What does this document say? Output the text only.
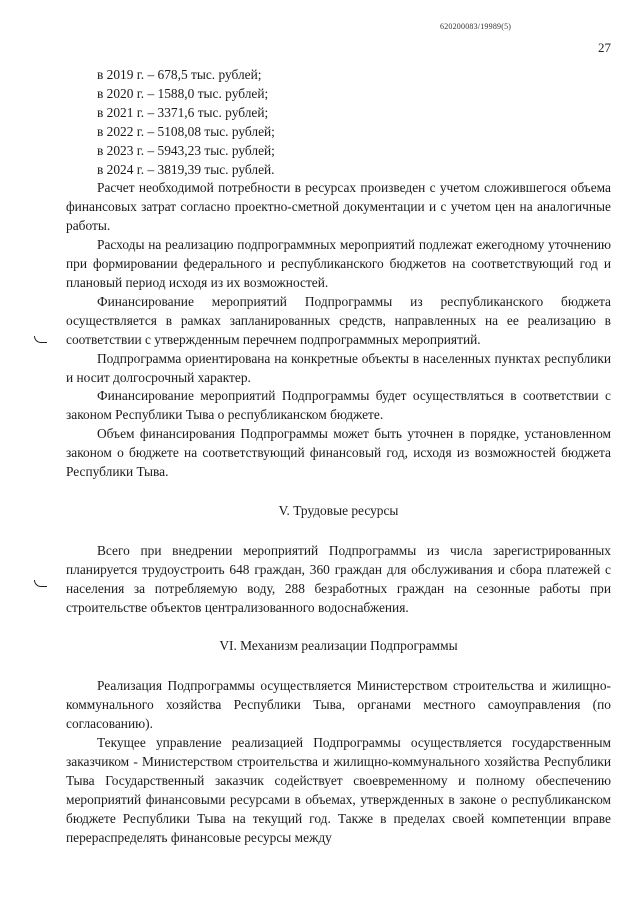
620200083/19989(5)
27
в 2019 г. – 678,5 тыс. рублей;
в 2020 г. – 1588,0 тыс. рублей;
в 2021 г. – 3371,6 тыс. рублей;
в 2022 г. – 5108,08 тыс. рублей;
в 2023 г. – 5943,23 тыс. рублей;
в 2024 г. – 3819,39 тыс. рублей.

Расчет необходимой потребности в ресурсах произведен с учетом сложившегося объема финансовых затрат согласно проектно-сметной документации и с учетом цен на аналогичные работы.

Расходы на реализацию подпрограммных мероприятий подлежат ежегодному уточнению при формировании федерального и республиканского бюджетов на соответствующий год и плановый период исходя из их возможностей.

Финансирование мероприятий Подпрограммы из республиканского бюджета осуществляется в рамках запланированных средств, направленных на ее реализацию в соответствии с утвержденным перечнем подпрограммных мероприятий.

Подпрограмма ориентирована на конкретные объекты в населенных пунктах республики и носит долгосрочный характер.

Финансирование мероприятий Подпрограммы будет осуществляться в соответствии с законом Республики Тыва о республиканском бюджете.

Объем финансирования Подпрограммы может быть уточнен в порядке, установленном законом о бюджете на соответствующий финансовый год, исходя из возможностей бюджета Республики Тыва.

V. Трудовые ресурсы

Всего при внедрении мероприятий Подпрограммы из числа зарегистрированных планируется трудоустроить 648 граждан, 360 граждан для обслуживания и сбора платежей с населения за потребляемую воду, 288 безработных граждан на сезонные работы при строительстве объектов централизованного водоснабжения.

VI. Механизм реализации Подпрограммы

Реализация Подпрограммы осуществляется Министерством строительства и жилищно-коммунального хозяйства Республики Тыва, органами местного самоуправления (по согласованию).

Текущее управление реализацией Подпрограммы осуществляется государственным заказчиком - Министерством строительства и жилищно-коммунального хозяйства Республики Тыва Государственный заказчик содействует своевременному и полному обеспечению мероприятий финансовыми ресурсами в объемах, утвержденных в законе о республиканском бюджете Республики Тыва на текущий год. Также в пределах своей компетенции вправе перераспределять финансовые ресурсы между
